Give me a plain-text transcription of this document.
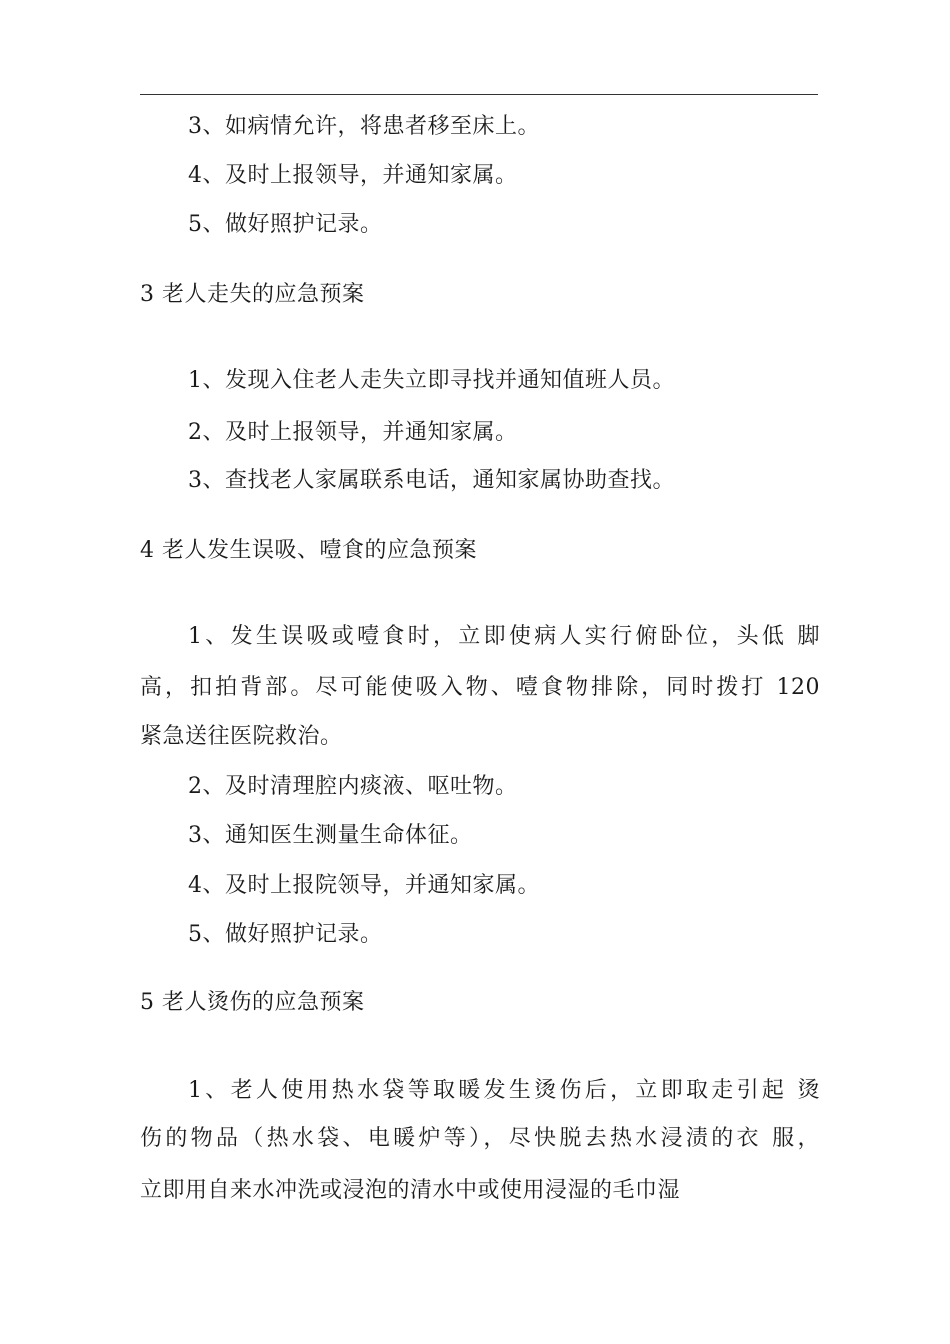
3、如病情允许，将患者移至床上。
4、及时上报领导，并通知家属。
5、做好照护记录。
3 老人走失的应急预案
1、发现入住老人走失立即寻找并通知值班人员。
2、及时上报领导，并通知家属。
3、查找老人家属联系电话，通知家属协助查找。
4 老人发生误吸、噎食的应急预案
1、发生误吸或噎食时，立即使病人实行俯卧位，头低 脚
高，扣拍背部。尽可能使吸入物、噎食物排除，同时拨打 120
紧急送往医院救治。
2、及时清理腔内痰液、呕吐物。
3、通知医生测量生命体征。
4、及时上报院领导，并通知家属。
5、做好照护记录。
5 老人烫伤的应急预案
1、老人使用热水袋等取暖发生烫伤后，立即取走引起 烫
伤的物品（热水袋、电暖炉等），尽快脱去热水浸渍的衣 服，
立即用自来水冲洗或浸泡的清水中或使用浸湿的毛巾湿
